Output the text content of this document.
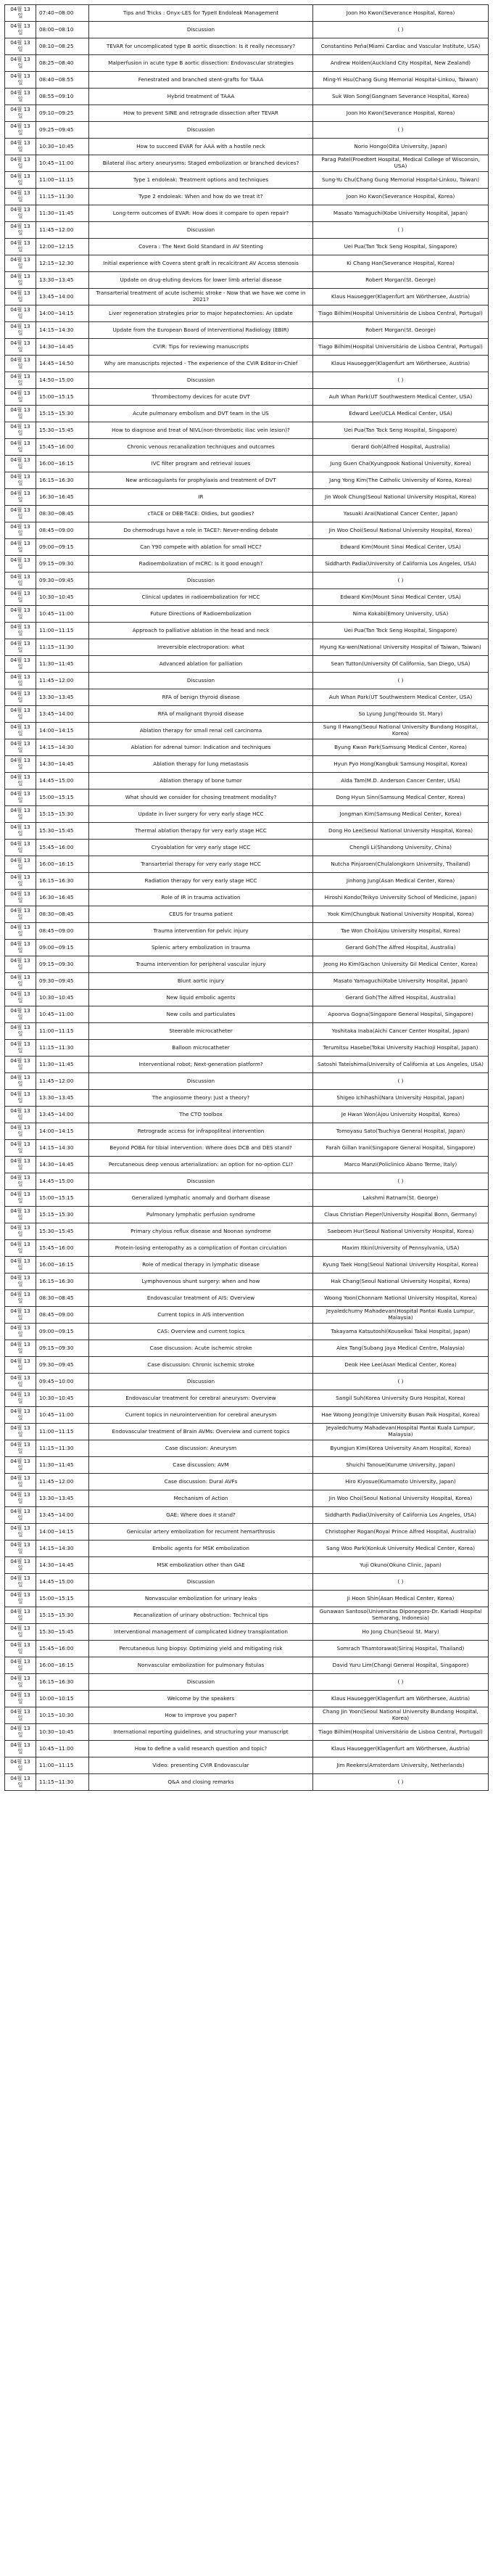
04월 13일	07:40~08:00	Tips and Tricks : Onyx-LES for TypeII Endoleak Management	Joon Ho Kwon(Severance Hospital, Korea)
04월 13일	08:00~08:10	Discussion	( )
04월 13일	08:10~08:25	TEVAR for uncomplicated type B aortic dissection: Is it really necessary?	Constantino Peña(Miami Cardiac and Vascular Institute, USA)
04월 13일	08:25~08:40	Malperfusion in acute type B aortic dissection: Endovascular strategies	Andrew Holden(Auckland City Hospital, New Zealand)
04월 13일	08:40~08:55	Fenestrated and branched stent-grafts for TAAA	Ming-Yi Hsu(Chang Gung Memorial Hospital-Linkou, Taiwan)
04월 13일	08:55~09:10	Hybrid treatment of TAAA	Suk Won Song(Gangnam Severance Hospital, Korea)
04월 13일	09:10~09:25	How to prevent SINE and retrograde dissection after TEVAR	Joon Ho Kwon(Severance Hospital, Korea)
04월 13일	09:25~09:45	Discussion	( )
04월 13일	10:30~10:45	How to succeed EVAR for AAA with a hostile neck	Norio Hongo(Oita University, Japan)
04월 13일	10:45~11:00	Bilateral iliac artery aneurysms: Staged embolization or branched devices?	Parag Patel(Froedtert Hospital, Medical College of Wisconsin, USA)
04월 13일	11:00~11:15	Type 1 endoleak: Treatment options and techniques	Sung-Yu Chu(Chang Gung Memorial Hospital-Linkou, Taiwan)
04월 13일	11:15~11:30	Type 2 endoleak: When and how do we treat it?	Joon Ho Kwon(Severance Hospital, Korea)
04월 13일	11:30~11:45	Long-term outcomes of EVAR: How does it compare to open repair?	Masato Yamaguchi(Kobe University Hospital, Japan)
04월 13일	11:45~12:00	Discussion	( )
04월 13일	12:00~12:15	Covera : The Next Gold Standard in AV Stenting	Uei Pua(Tan Tock Seng Hospital, Singapore)
04월 13일	12:15~12:30	Initial experience with Covera stent graft in recalcitrant AV Access stenosis	Ki Chang Han(Severance Hospital, Korea)
04월 13일	13:30~13:45	Update on drug-eluting devices for lower limb arterial disease	Robert Morgan(St. George)
04월 13일	13:45~14:00	Transarterial treatment of acute ischemic stroke - Now that we have we come in 2021?	Klaus Hausegger(Klagenfurt am Wörthersee, Austria)
04월 13일	14:00~14:15	Liver regeneration strategies prior to major hepatectomies: An update	Tiago Bilhim(Hospital Universitário de Lisboa Central, Portugal)
04월 13일	14:15~14:30	Update from the European Board of Interventional Radiology (EBIR)	Robert Morgan(St. George)
04월 13일	14:30~14:45	CVIR: Tips for reviewing manuscripts	Tiago Bilhim(Hospital Universitário de Lisboa Central, Portugal)
04월 13일	14:45~14:50	Why are manuscripts rejected - The experience of the CVIR Editor-in-Chief	Klaus Hausegger(Klagenfurt am Wörthersee, Austria)
04월 13일	14:50~15:00	Discussion	( )
04월 13일	15:00~15:15	Thrombectomy devices for acute DVT	Auh Whan Park(UT Southwestern Medical Center, USA)
04월 13일	15:15~15:30	Acute pulmonary embolism and DVT team in the US	Edward Lee(UCLA Medical Center, USA)
04월 13일	15:30~15:45	How to diagnose and treat of NIVL(non-thrombotic iliac vein lesion)?	Uei Pua(Tan Tock Seng Hospital, Singapore)
04월 13일	15:45~16:00	Chronic venous recanalization techniques and outcomes	Gerard Goh(Alfred Hospital, Australia)
04월 13일	16:00~16:15	IVC filter program and retrieval issues	Jung Guen Cha(Kyungpook National University, Korea)
04월 13일	16:15~16:30	New anticoagulants for prophylaxis and treatment of DVT	Jang Yong Kim(The Catholic University of Korea, Korea)
04월 13일	16:30~16:45	IR	Jin Wook Chung(Seoul National University Hospital, Korea)
04월 13일	08:30~08:45	cTACE or DEB-TACE: Oldies, but goodies?	Yasuaki Arai(National Cancer Center, Japan)
04월 13일	08:45~09:00	Do chemodrugs have a role in TACE?: Never-ending debate	Jin Woo Choi(Seoul National University Hospital, Korea)
04월 13일	09:00~09:15	Can Y90 compete with ablation for small HCC?	Edward Kim(Mount Sinai Medical Center, USA)
04월 13일	09:15~09:30	Radioembolization of mCRC: Is it good enough?	Siddharth Padia(University of California Los Angeles, USA)
04월 13일	09:30~09:45	Discussion	( )
04월 13일	10:30~10:45	Clinical updates in radioembolization for HCC	Edward Kim(Mount Sinai Medical Center, USA)
04월 13일	10:45~11:00	Future Directions of Radioembolization	Nima Kokabi(Emory University, USA)
04월 13일	11:00~11:15	Approach to palliative ablation in the head and neck	Uei Pua(Tan Tock Seng Hospital, Singapore)
04월 13일	11:15~11:30	Irreversible electroporation: what	Hyung Ka-wen(National University Hospital of Taiwan, Taiwan)
04월 13일	11:30~11:45	Advanced ablation for palliation	Sean Tutton(University Of California, San Diego, USA)
04월 13일	11:45~12:00	Discussion	( )
04월 13일	13:30~13:45	RFA of benign thyroid disease	Auh Whan Park(UT Southwestern Medical Center, USA)
04월 13일	13:45~14:00	RFA of malignant thyroid disease	So Lyung Jung(Yeouido St. Mary)
04월 13일	14:00~14:15	Ablation therapy for small renal cell carcinoma	Sung Il Hwang(Seoul National University Bundang Hospital, Korea)
04월 13일	14:15~14:30	Ablation for adrenal tumor: Indication and techniques	Byung Kwan Park(Samsung Medical Center, Korea)
04월 13일	14:30~14:45	Ablation therapy for lung metastasis	Hyun Pyo Hong(Kangbuk Samsung Hospital, Korea)
04월 13일	14:45~15:00	Ablation therapy of bone tumor	Alda Tam(M.D. Anderson Cancer Center, USA)
04월 13일	15:00~15:15	What should we consider for chosing treatment modality?	Dong Hyun Sinn(Samsung Medical Center, Korea)
04월 13일	15:15~15:30	Update in liver surgery for very early stage HCC	Jongman Kim(Samsung Medical Center, Korea)
04월 13일	15:30~15:45	Thermal ablation therapy for very early stage HCC	Dong Ho Lee(Seoul National University Hospital, Korea)
04월 13일	15:45~16:00	Cryoablation for very early stage HCC	Chengli Li(Shandong University, China)
04월 13일	16:00~16:15	Transarterial therapy for very early stage HCC	Nutcha Pinjaroen(Chulalongkorn University, Thailand)
04월 13일	16:15~16:30	Radiation therapy for very early stage HCC	Jinhong Jung(Asan Medical Center, Korea)
04월 13일	16:30~16:45	Role of IR in trauma activation	Hiroshi Kondo(Teikyo University School of Medicine, Japan)
04월 13일	08:30~08:45	CEUS for trauma patient	Yook Kim(Chungbuk National University Hospital, Korea)
04월 13일	08:45~09:00	Trauma intervention for pelvic injury	Tae Won Choi(Ajou University Hospital, Korea)
04월 13일	09:00~09:15	Splenic artery embolization in trauma	Gerard Goh(The Alfred Hospital, Australia)
04월 13일	09:15~09:30	Trauma intervention for peripheral vascular injury	Jeong Ho Kim(Gachon University Gil Medical Center, Korea)
04월 13일	09:30~09:45	Blunt aortic injury	Masato Yamaguchi(Kobe University Hospital, Japan)
04월 13일	10:30~10:45	New liquid embolic agents	Gerard Goh(The Alfred Hospital, Australia)
04월 13일	10:45~11:00	New coils and particulates	Apoorva Gogna(Singapore General Hospital, Singapore)
04월 13일	11:00~11:15	Steerable microcatheter	Yoshitaka Inaba(Aichi Cancer Center Hospital, Japan)
04월 13일	11:15~11:30	Balloon microcatheter	Terumitsu Hasebe(Tokai University Hachioji Hospital, Japan)
04월 13일	11:30~11:45	Interventional robot; Next-generation platform?	Satoshi Tateishima(University of California at Los Angeles, USA)
04월 13일	11:45~12:00	Discussion	( )
04월 13일	13:30~13:45	The angiosome theory: Just a theory?	Shigeo Ichihashi(Nara University Hospital, Japan)
04월 13일	13:45~14:00	The CTO toolbox	Je Hwan Won(Ajou University Hospital, Korea)
04월 13일	14:00~14:15	Retrograde access for infrapopliteal intervention	Tomoyasu Sato(Tsuchiya General Hospital, Japan)
04월 13일	14:15~14:30	Beyond POBA for tibial intervention: Where does DCB and DES stand?	Farah Gillan Irani(Singapore General Hospital, Singapore)
04월 13일	14:30~14:45	Percutaneous deep venous arterialization: an option for no-option CLI?	Marco Manzi(Policlinico Abano Terme, Italy)
04월 13일	14:45~15:00	Discussion	( )
04월 13일	15:00~15:15	Generalized lymphatic anomaly and Gorham disease	Lakshmi Ratnam(St. George)
04월 13일	15:15~15:30	Pulmonary lymphatic perfusion syndrome	Claus Christian Pieper(University Hospital Bonn, Germany)
04월 13일	15:30~15:45	Primary chylous reflux disease and Noonan syndrome	Saebeom Hur(Seoul National University Hospital, Korea)
04월 13일	15:45~16:00	Protein-losing enteropathy as a complication of Fontan circulation	Maxim Itkin(University of Pennsylvania, USA)
04월 13일	16:00~16:15	Role of medical therapy in lymphatic disease	Kyung Taek Hong(Seoul National University Hospital, Korea)
04월 13일	16:15~16:30	Lymphovenous shunt surgery: when and how	Hak Chang(Seoul National University Hospital, Korea)
04월 13일	08:30~08:45	Endovascular treatment of AIS: Overview	Woong Yoon(Chonnam National University Hospital, Korea)
04월 13일	08:45~09:00	Current topics in AIS intervention	Jeyaledchumy Mahadevan(Hospital Pantai Kuala Lumpur, Malaysia)
04월 13일	09:00~09:15	CAS: Overview and current topics	Takayama Katsutoshi(Kouseikai Takai Hospital, Japan)
04월 13일	09:15~09:30	Case discussion: Acute ischemic stroke	Alex Tang(Subang Jaya Medical Centre, Malaysia)
04월 13일	09:30~09:45	Case discussion: Chronic ischemic stroke	Deok Hee Lee(Asan Medical Center, Korea)
04월 13일	09:45~10:00	Discussion	( )
04월 13일	10:30~10:45	Endovascular treatment for cerebral aneurysm: Overview	Sangil Suh(Korea University Guro Hospital, Korea)
04월 13일	10:45~11:00	Current topics in neurointervention for cerebral aneurysm	Hae Woong Jeong(Inje University Busan Paik Hospital, Korea)
04월 13일	11:00~11:15	Endovascular treatment of Brain AVMs: Overview and current topics	Jeyaledchumy Mahadevan(Hospital Pantai Kuala Lumpur, Malaysia)
04월 13일	11:15~11:30	Case discussion: Aneurysm	Byungjun Kim(Korea University Anam Hospital, Korea)
04월 13일	11:30~11:45	Case discussion: AVM	Shuichi Tanoue(Kurume University, Japan)
04월 13일	11:45~12:00	Case discussion: Dural AVFs	Hiro Kiyosue(Kumamoto University, Japan)
04월 13일	13:30~13:45	Mechanism of Action	Jin Woo Choi(Seoul National University Hospital, Korea)
04월 13일	13:45~14:00	GAE: Where does it stand?	Siddharth Padia(University of California Los Angeles, USA)
04월 13일	14:00~14:15	Genicular artery embolization for recurrent hemarthrosis	Christopher Rogan(Royal Prince Alfred Hospital, Australia)
04월 13일	14:15~14:30	Embolic agents for MSK embolization	Sang Woo Park(Konkuk University Medical Center, Korea)
04월 13일	14:30~14:45	MSK embolization other than GAE	Yuji Okuno(Okuno Clinic, Japan)
04월 13일	14:45~15:00	Discussion	( )
04월 13일	15:00~15:15	Nonvascular embolization for urinary leaks	Ji Hoon Shin(Asan Medical Center, Korea)
04월 13일	15:15~15:30	Recanalization of urinary obstruction: Technical tips	Gunawan Santoso(Universitas Diponegoro-Dr. Kariadi Hospital Semarang, Indonesia)
04월 13일	15:30~15:45	Interventional management of complicated kidney transplantation	Ho Jong Chun(Seoul St. Mary)
04월 13일	15:45~16:00	Percutaneous lung biopsy: Optimizing yield and mitigating risk	Somrach Thamtorawat(Siriraj Hospital, Thailand)
04월 13일	16:00~16:15	Nonvascular embolization for pulmonary fistulas	David Yuru Lim(Changi General Hospital, Singapore)
04월 13일	16:15~16:30	Discussion	( )
04월 13일	10:00~10:15	Welcome by the speakers	Klaus Hausegger(Klagenfurt am Wörthersee, Austria)
04월 13일	10:15~10:30	How to improve you paper?	Chang Jin Yoon(Seoul National University Bundang Hospital, Korea)
04월 13일	10:30~10:45	International reporting guidelines, and structuring your manuscript	Tiago Bilhim(Hospital Universitário de Lisboa Central, Portugal)
04월 13일	10:45~11:00	How to define a valid research question and topic?	Klaus Hausegger(Klagenfurt am Wörthersee, Austria)
04월 13일	11:00~11:15	Video: presenting CVIR Endovascular	Jim Reekers(Amsterdam University, Netherlands)
04월 13일	11:15~11:30	Q&A and closing remarks	( )
